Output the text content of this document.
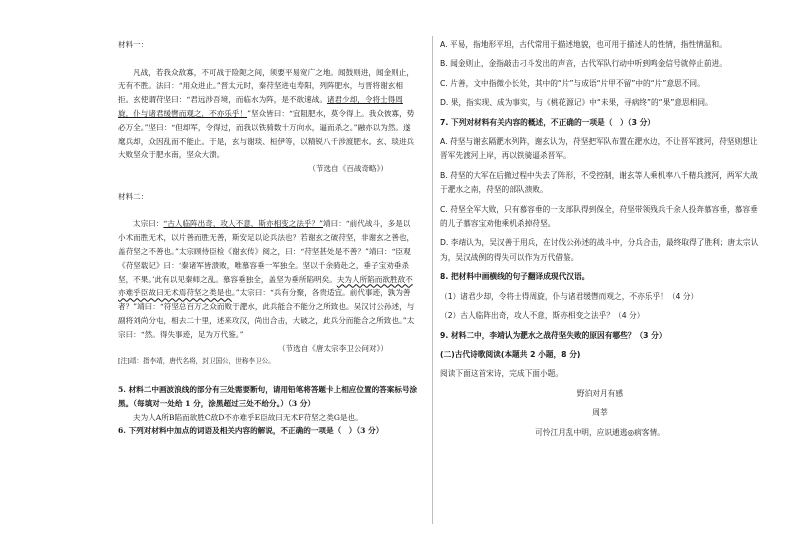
材料一：

凡战，若我众敌寡，不可战于险阨之间，须要平易宽广之地。闻鼓则进，闻金则止，无有不胜。法曰：“用众进止。”晋太元时，秦苻坚进屯寿阳，列阵肥水，与晋将谢玄相拒。玄使谓苻坚曰：“君远涉吾境，而临水为阵，是不欲速战。诸君少却，令将士得周旋，仆与诸君缓辔而观之，不亦乐乎！”坚众皆曰：“宜阻肥水，莫令得上。我众彼寡，势必万全。”坚曰：“但却军，令得过，而我以铁骑数十万向水，逼而杀之。”融亦以为然。遂麾兵却，众因乱而不能止。于是，玄与谢琰、桓伊等，以精锐八千涉渡肥水。玄、琰进兵大败坚众于肥水南，坚众大溃。

（节选自《百战奇略》）

材料二：

太宗曰：“古人临阵出奇，攻人不意，斯亦相变之法乎？”靖曰：“前代战斗，多是以小术而胜无术，以片善而胜无善，斯安足以论兵法也？若谢玄之破苻坚，非谢玄之善也，盖苻坚之不善也。”太宗顾侍臣检《谢玄传》阅之，曰：“苻坚甚处是不善？”靖曰：“臣观《苻坚载记》曰：‘秦诸军皆溃败，唯慕容垂一军独全。坚以千余骑赴之，垂子宝劝垂杀坚，不果。’此有以见秦师之乱。慕容垂独全，盖坚为垂所陷明矣。夫为人所陷而欲胜敌不亦难乎臣故曰无术焉苻坚之类是也。”太宗曰：“兵有分聚，各贵适宜。前代事迹，孰为善者？”靖曰：“符坚总百万之众而败于淝水，此兵能合不能分之所致也。吴汉讨公孙述，与副将刘尚分屯，相去二十里，述来攻汉，尚出合击，大破之，此兵分而能合之所致也。”太宗曰：“然。得失事迹，足为万代鉴。”

（节选自《唐太宗李卫公问对》）

[注]靖：指李靖，唐代名将，封卫国公，世称李卫公。

5. 材料二中画波浪线的部分有三处需要断句，请用铅笔将答题卡上相应位置的答案标号涂黑。（每填对一处给 1 分，涂黑超过三处不给分。）（3 分）

夫为人A所B陷而欲胜C敌D不亦难乎E臣故曰无术F苻坚之类G是也。

6. 下列对材料中加点的词语及相关内容的解说，不正确的一项是（　）（3 分）

A. 平易，指地形平坦，古代常用于描述地貌，也可用于描述人的性情，指性情温和。

B. 闻金则止，金指敲击刁斗发出的声音，古代军队行动中听到鸣金信号就停止前进。

C. 片善，文中指微小长处，其中的“片”与成语“片甲不留”中的“片”意思不同。

D. 果，指实现、成为事实，与《桃花源记》中“未果，寻病终”的“果”意思相同。

7. 下列对材料有关内容的概述，不正确的一项是（　）（3 分）

A. 苻坚与谢玄隔淝水列阵，谢玄认为，苻坚把军队布置在淝水边，不让晋军渡河，苻坚则想让晋军先渡河上岸，再以铁骑逼杀晋军。

B. 苻坚的大军在后撤过程中失去了阵形，不受控制，谢玄等人乘机率八千精兵渡河，两军大战于淝水之南，苻坚的部队溃败。

C. 苻坚全军大败，只有慕容垂的一支部队得到保全，苻坚带领残兵千余人投奔慕容垂，慕容垂的儿子慕容宝劝他乘机杀掉苻坚。

D. 李靖认为，吴汉善于用兵，在讨伐公孙述的战斗中，分兵合击，最终取得了胜利；唐太宗认为，吴汉战例的得失可以作为万代借鉴。

8. 把材料中画横线的句子翻译成现代汉语。

（1）诸君少却，令将士得周旋，仆与诸君缓辔而观之，不亦乐乎！（4 分）

（2）古人临阵出奇，攻人不意，斯亦相变之法乎？（4 分）

9. 材料二中，李靖认为淝水之战苻坚失败的原因有哪些？（3 分）

(二)古代诗歌阅读(本题共 2 小题，8 分)

阅读下面这首宋诗，完成下面小题。

野泊对月有感

周莘

可怜江月乱中明，应识逋逃◎病客情。
